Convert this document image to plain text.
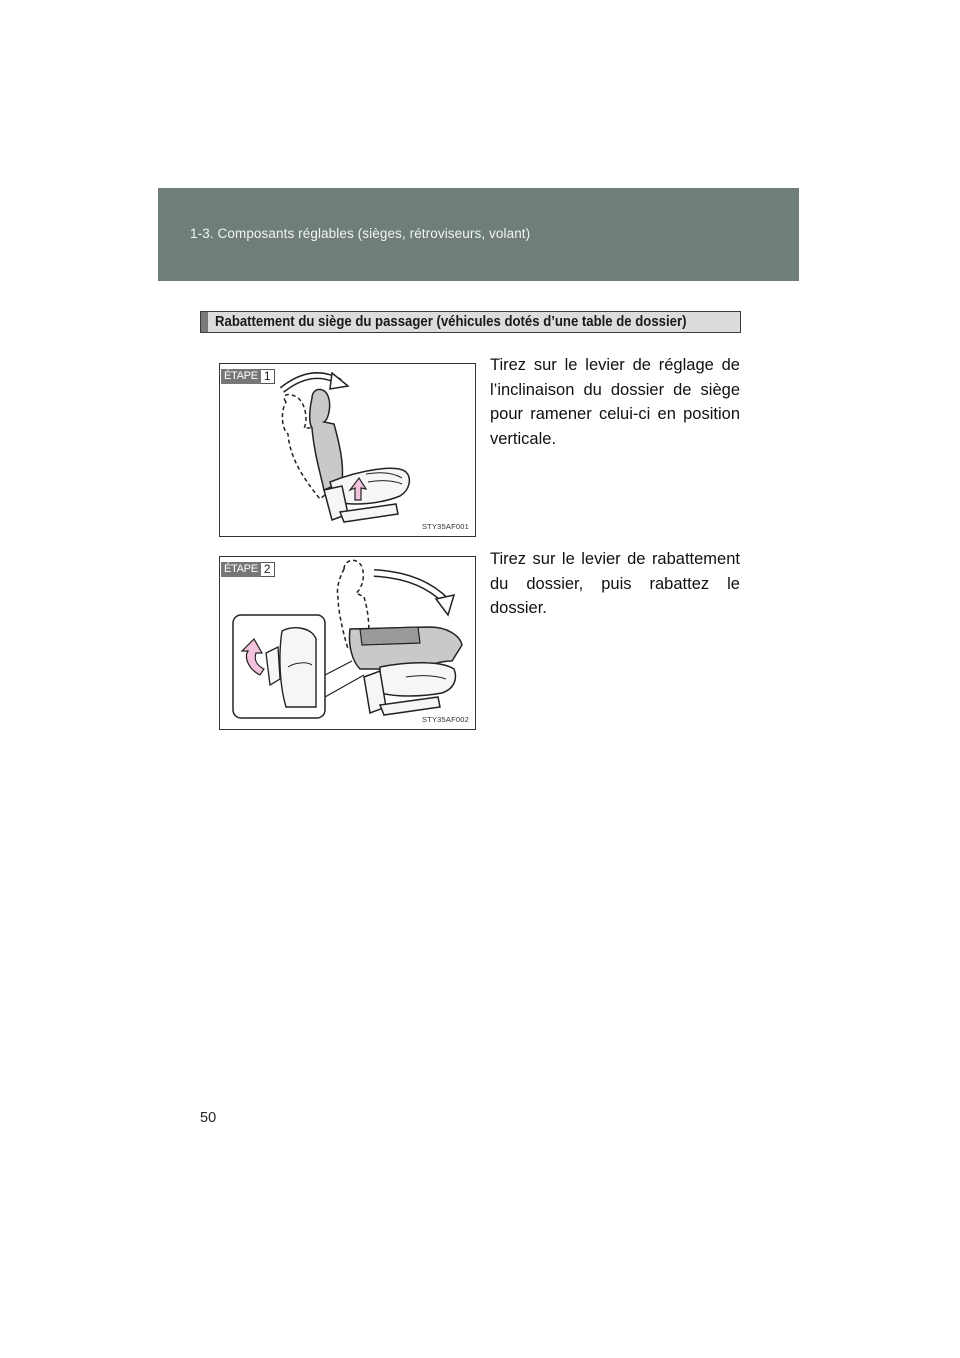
1-3. Composants réglables (sièges, rétroviseurs, volant)
Rabattement du siège du passager (véhicules dotés d’une table de dossier)
ÉTAPE 1
STY35AF001

Tirez sur le levier de réglage de l’inclinaison du dossier de siège pour ramener celui-ci en position verticale.

ÉTAPE 2
STY35AF002

Tirez sur le levier de rabattement du dossier, puis rabattez le dossier.

50
